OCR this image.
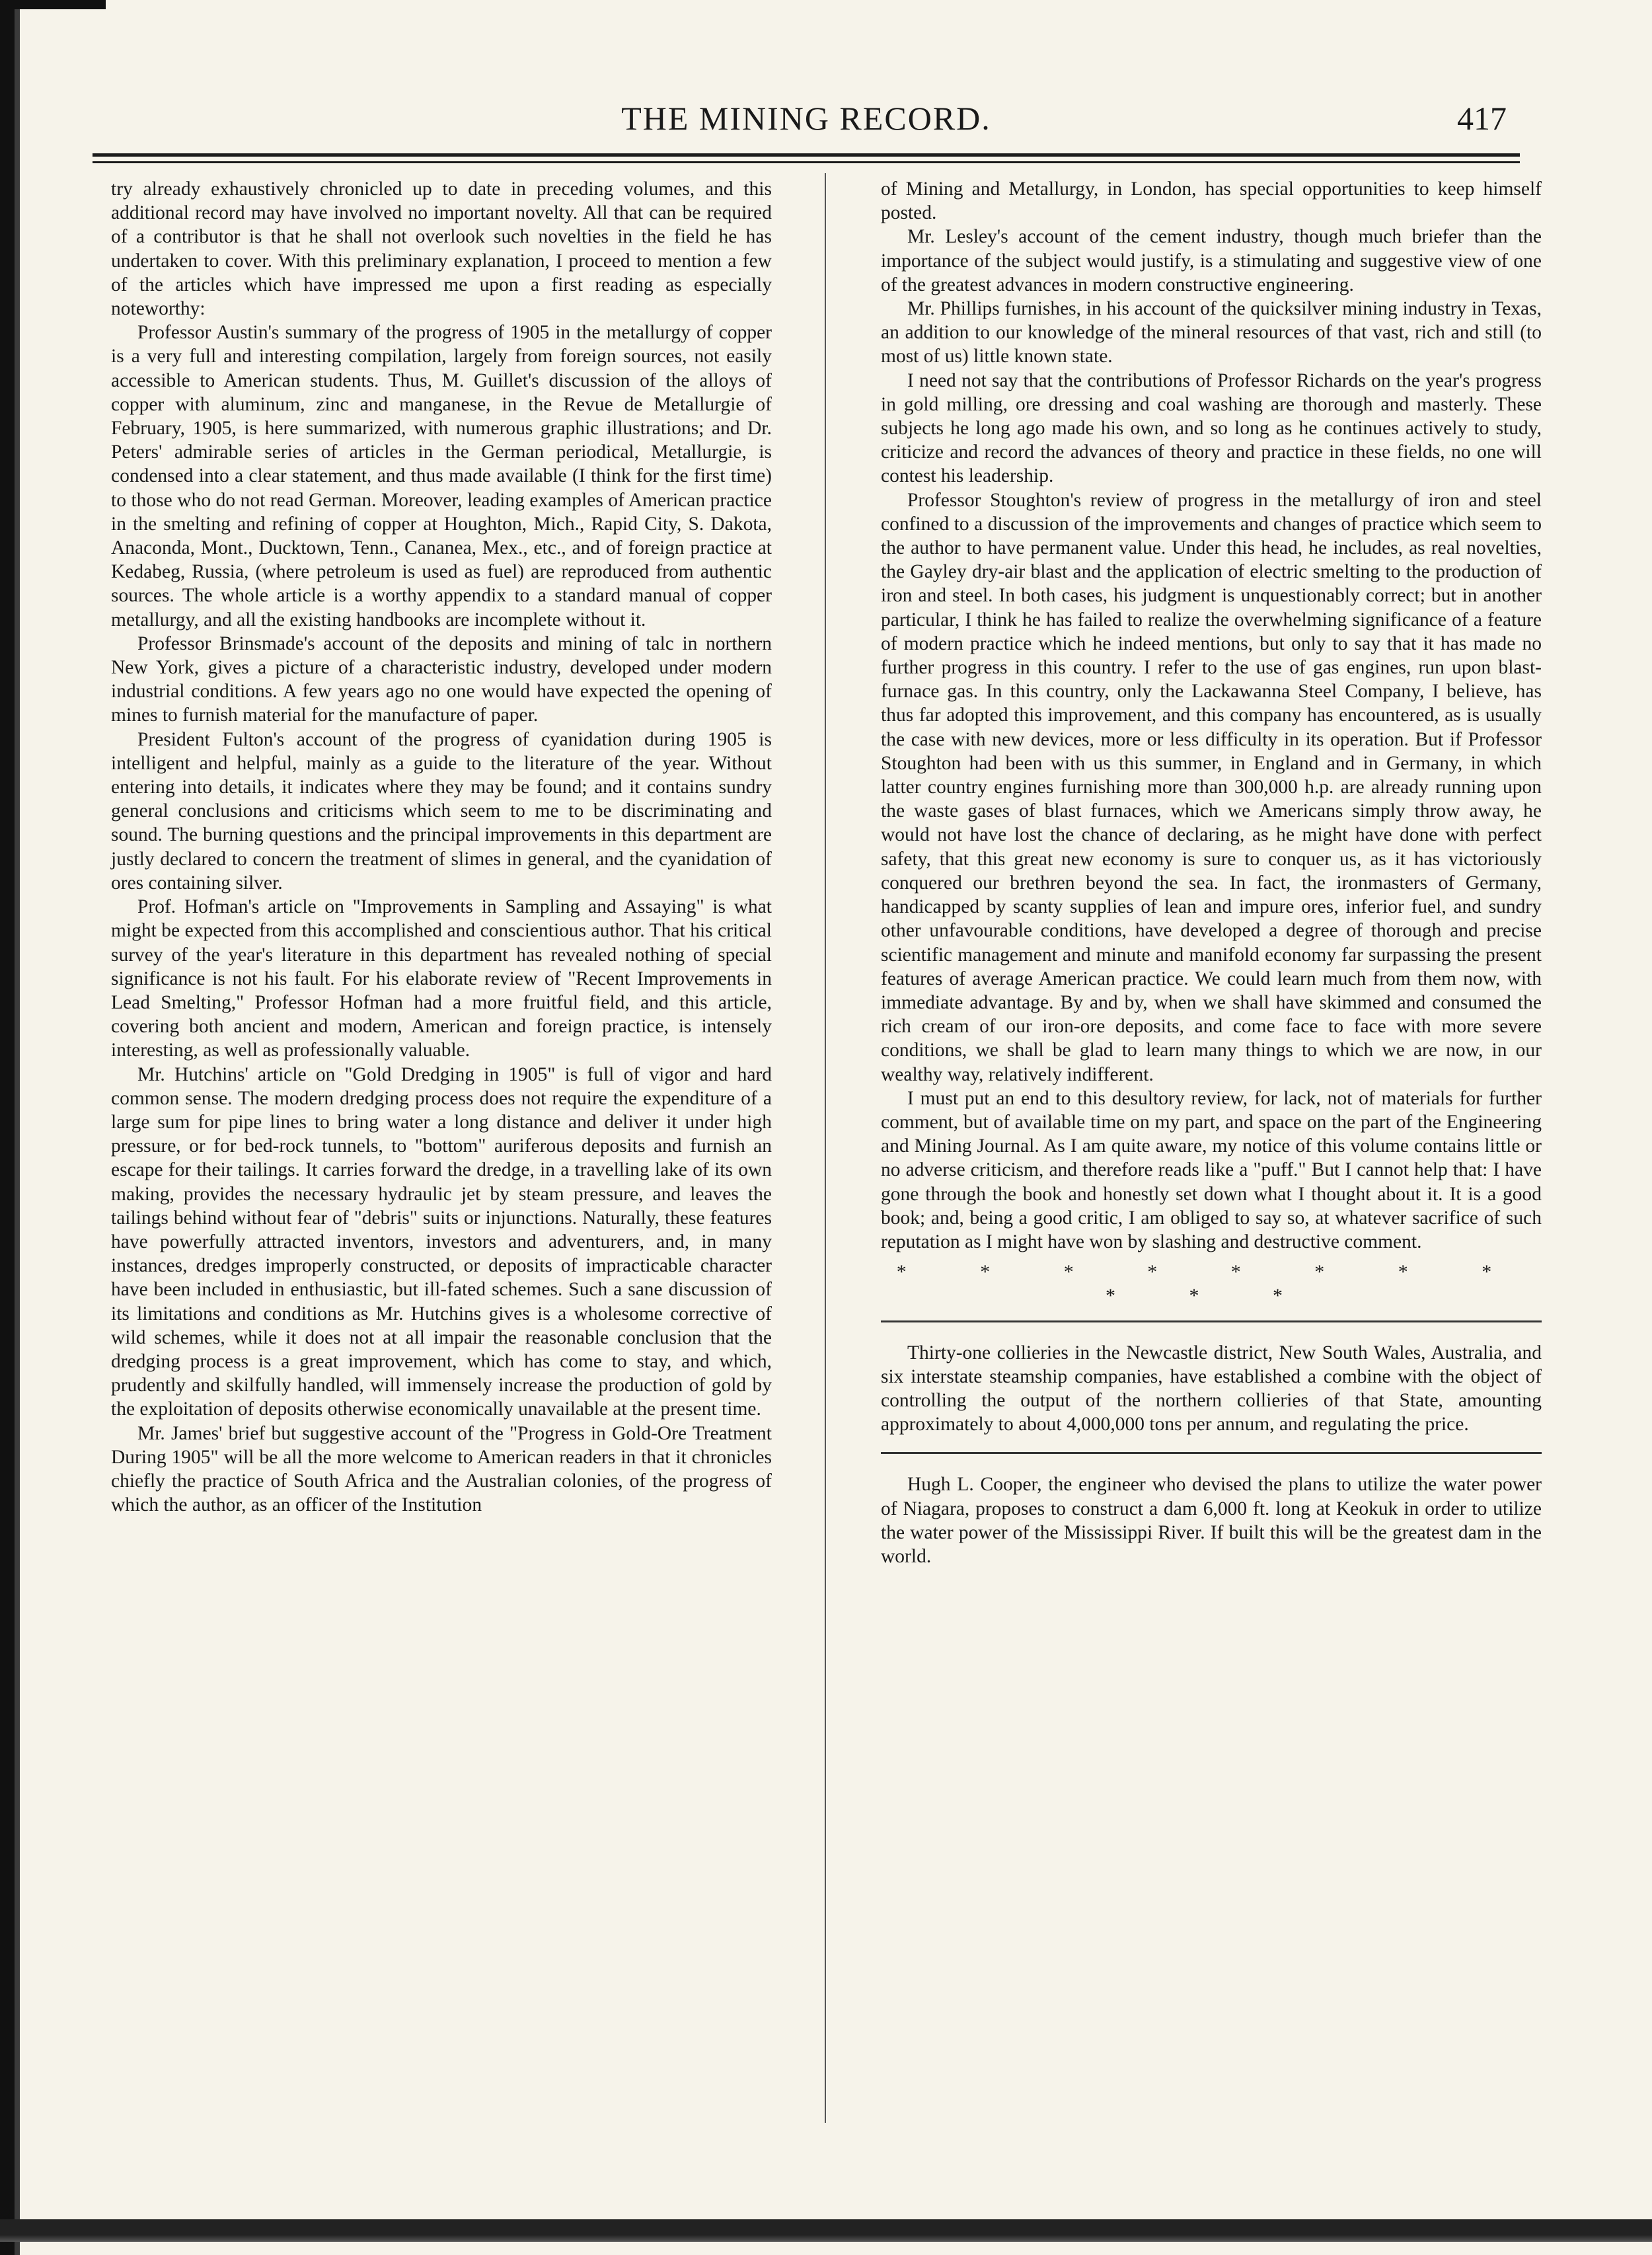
THE MINING RECORD.	417

try already exhaustively chronicled up to date in preceding volumes, and this additional record may have involved no important novelty. All that can be required of a contributor is that he shall not overlook such novelties in the field he has undertaken to cover. With this preliminary explanation, I proceed to mention a few of the articles which have impressed me upon a first reading as especially noteworthy:

Professor Austin's summary of the progress of 1905 in the metallurgy of copper is a very full and interesting compilation, largely from foreign sources, not easily accessible to American students. Thus, M. Guillet's discussion of the alloys of copper with aluminum, zinc and manganese, in the Revue de Metallurgie of February, 1905, is here summarized, with numerous graphic illustrations; and Dr. Peters' admirable series of articles in the German periodical, Metallurgie, is condensed into a clear statement, and thus made available (I think for the first time) to those who do not read German. Moreover, leading examples of American practice in the smelting and refining of copper at Houghton, Mich., Rapid City, S. Dakota, Anaconda, Mont., Ducktown, Tenn., Cananea, Mex., etc., and of foreign practice at Kedabeg, Russia, (where petroleum is used as fuel) are reproduced from authentic sources. The whole article is a worthy appendix to a standard manual of copper metallurgy, and all the existing handbooks are incomplete without it.

Professor Brinsmade's account of the deposits and mining of talc in northern New York, gives a picture of a characteristic industry, developed under modern industrial conditions. A few years ago no one would have expected the opening of mines to furnish material for the manufacture of paper.

President Fulton's account of the progress of cyanidation during 1905 is intelligent and helpful, mainly as a guide to the literature of the year. Without entering into details, it indicates where they may be found; and it contains sundry general conclusions and criticisms which seem to me to be discriminating and sound. The burning questions and the principal improvements in this department are justly declared to concern the treatment of slimes in general, and the cyanidation of ores containing silver.

Prof. Hofman's article on "Improvements in Sampling and Assaying" is what might be expected from this accomplished and conscientious author. That his critical survey of the year's literature in this department has revealed nothing of special significance is not his fault. For his elaborate review of "Recent Improvements in Lead Smelting," Professor Hofman had a more fruitful field, and this article, covering both ancient and modern, American and foreign practice, is intensely interesting, as well as professionally valuable.

Mr. Hutchins' article on "Gold Dredging in 1905" is full of vigor and hard common sense. The modern dredging process does not require the expenditure of a large sum for pipe lines to bring water a long distance and deliver it under high pressure, or for bed-rock tunnels, to "bottom" auriferous deposits and furnish an escape for their tailings. It carries forward the dredge, in a travelling lake of its own making, provides the necessary hydraulic jet by steam pressure, and leaves the tailings behind without fear of "debris" suits or injunctions. Naturally, these features have powerfully attracted inventors, investors and adventurers, and, in many instances, dredges improperly constructed, or deposits of impracticable character have been included in enthusiastic, but ill-fated schemes. Such a sane discussion of its limitations and conditions as Mr. Hutchins gives is a wholesome corrective of wild schemes, while it does not at all impair the reasonable conclusion that the dredging process is a great improvement, which has come to stay, and which, prudently and skilfully handled, will immensely increase the production of gold by the exploitation of deposits otherwise economically unavailable at the present time.

Mr. James' brief but suggestive account of the "Progress in Gold-Ore Treatment During 1905" will be all the more welcome to American readers in that it chronicles chiefly the practice of South Africa and the Australian colonies, of the progress of which the author, as an officer of the Institution

of Mining and Metallurgy, in London, has special opportunities to keep himself posted.

Mr. Lesley's account of the cement industry, though much briefer than the importance of the subject would justify, is a stimulating and suggestive view of one of the greatest advances in modern constructive engineering.

Mr. Phillips furnishes, in his account of the quicksilver mining industry in Texas, an addition to our knowledge of the mineral resources of that vast, rich and still (to most of us) little known state.

I need not say that the contributions of Professor Richards on the year's progress in gold milling, ore dressing and coal washing are thorough and masterly. These subjects he long ago made his own, and so long as he continues actively to study, criticize and record the advances of theory and practice in these fields, no one will contest his leadership.

Professor Stoughton's review of progress in the metallurgy of iron and steel confined to a discussion of the improvements and changes of practice which seem to the author to have permanent value. Under this head, he includes, as real novelties, the Gayley dry-air blast and the application of electric smelting to the production of iron and steel. In both cases, his judgment is unquestionably correct; but in another particular, I think he has failed to realize the overwhelming significance of a feature of modern practice which he indeed mentions, but only to say that it has made no further progress in this country. I refer to the use of gas engines, run upon blast-furnace gas. In this country, only the Lackawanna Steel Company, I believe, has thus far adopted this improvement, and this company has encountered, as is usually the case with new devices, more or less difficulty in its operation. But if Professor Stoughton had been with us this summer, in England and in Germany, in which latter country engines furnishing more than 300,000 h.p. are already running upon the waste gases of blast furnaces, which we Americans simply throw away, he would not have lost the chance of declaring, as he might have done with perfect safety, that this great new economy is sure to conquer us, as it has victoriously conquered our brethren beyond the sea. In fact, the ironmasters of Germany, handicapped by scanty supplies of lean and impure ores, inferior fuel, and sundry other unfavourable conditions, have developed a degree of thorough and precise scientific management and minute and manifold economy far surpassing the present features of average American practice. We could learn much from them now, with immediate advantage. By and by, when we shall have skimmed and consumed the rich cream of our iron-ore deposits, and come face to face with more severe conditions, we shall be glad to learn many things to which we are now, in our wealthy way, relatively indifferent.

I must put an end to this desultory review, for lack, not of materials for further comment, but of available time on my part, and space on the part of the Engineering and Mining Journal. As I am quite aware, my notice of this volume contains little or no adverse criticism, and therefore reads like a "puff." But I cannot help that: I have gone through the book and honestly set down what I thought about it. It is a good book; and, being a good critic, I am obliged to say so, at whatever sacrifice of such reputation as I might have won by slashing and destructive comment.

* * * * * * * * * * *

Thirty-one collieries in the Newcastle district, New South Wales, Australia, and six interstate steamship companies, have established a combine with the object of controlling the output of the northern collieries of that State, amounting approximately to about 4,000,000 tons per annum, and regulating the price.

Hugh L. Cooper, the engineer who devised the plans to utilize the water power of Niagara, proposes to construct a dam 6,000 ft. long at Keokuk in order to utilize the water power of the Mississippi River. If built this will be the greatest dam in the world.
